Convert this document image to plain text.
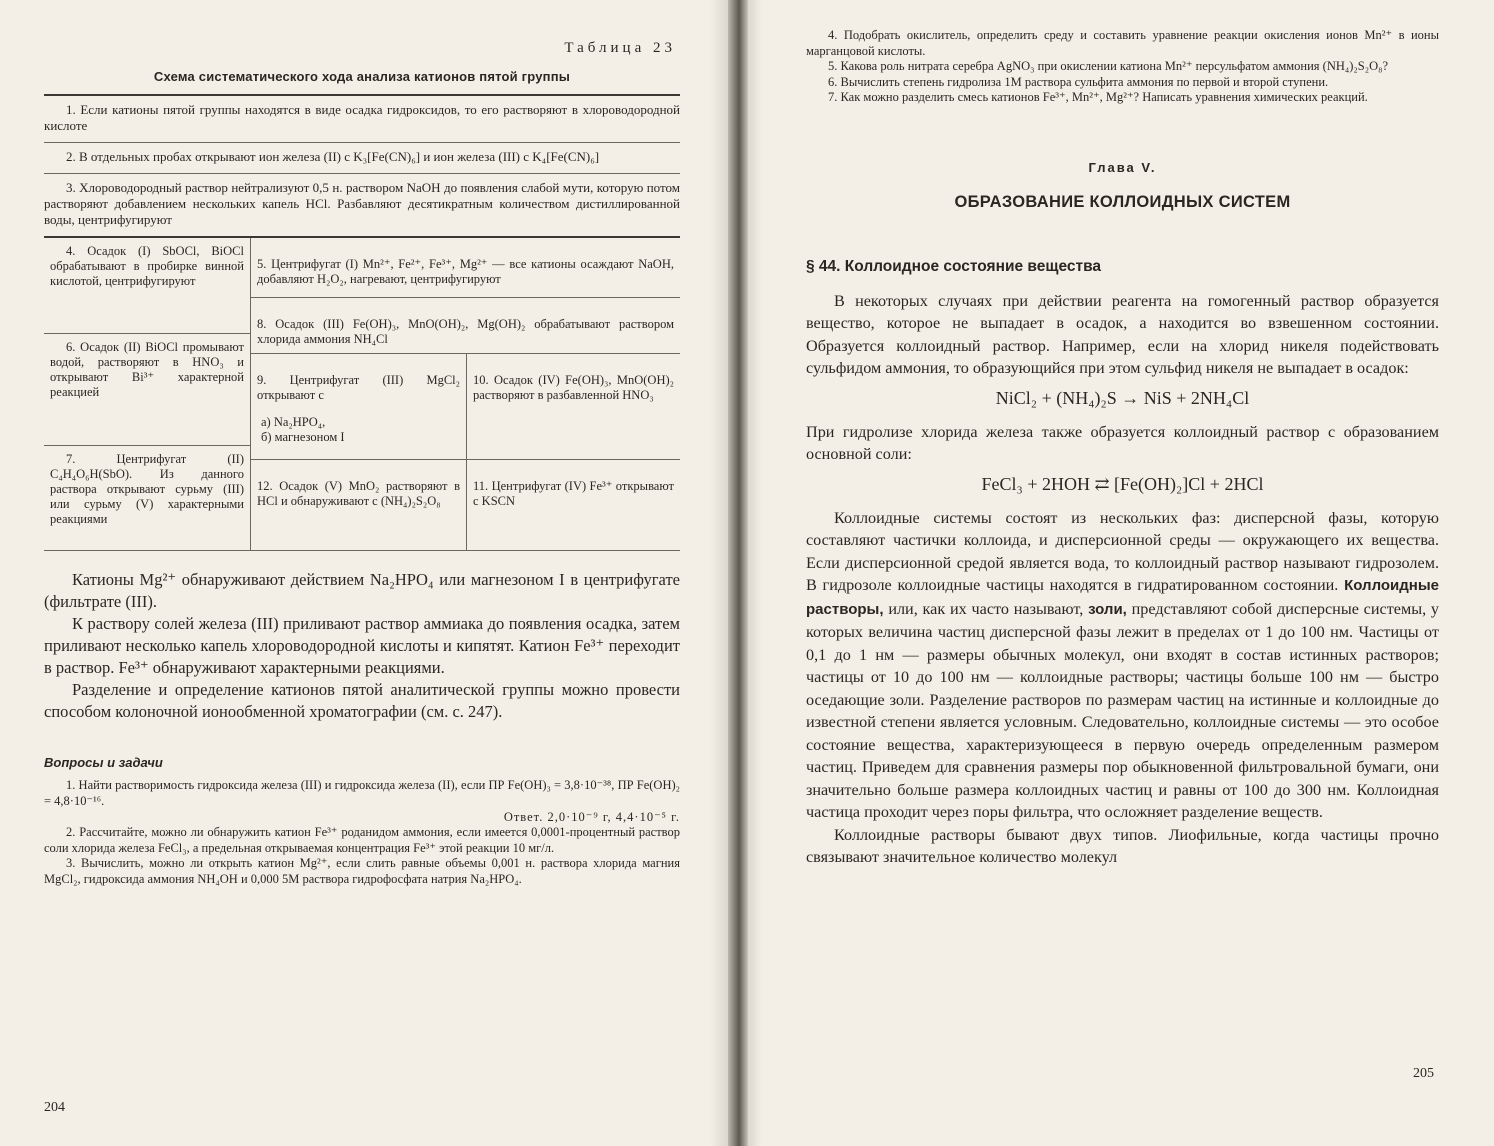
Таблица 23
Схема систематического хода анализа катионов пятой группы
1. Если катионы пятой группы находятся в виде осадка гидроксидов, то его растворяют в хлороводородной кислоте
2. В отдельных пробах открывают ион железа (II) с K₃[Fe(CN)₆] и ион железа (III) с K₄[Fe(CN)₆]
3. Хлороводородный раствор нейтрализуют 0,5 н. раствором NaOH до появления слабой мути, которую потом растворяют добавлением нескольких капель HCl. Разбавляют десятикратным количеством дистиллированной воды, центрифугируют

4. Осадок (I) SbOCl, BiOCl обрабатывают в пробирке винной кислотой, центрифугируют

6. Осадок (II) BiOCl промывают водой, растворяют в HNO₃ и открывают Bi³⁺ характерной реакцией

7. Центрифугат (II) C₄H₄O₆H(SbO). Из данного раствора открывают сурьму (III) или сурьму (V) характерными реакциями

5. Центрифугат (I) Mn²⁺, Fe²⁺, Fe³⁺, Mg²⁺ — все катионы осаждают NaOH, добавляют H₂O₂, нагревают, центрифугируют

8. Осадок (III) Fe(OH)₃, MnO(OH)₂, Mg(OH)₂ обрабатывают раствором хлорида аммония NH₄Cl

9. Центрифугат (III) MgCl₂ открывают с

а) Na₂HPO₄,
б) магнезоном I

10. Осадок (IV) Fe(OH)₃, MnO(OH)₂ растворяют в разбавленной HNO₃

12. Осадок (V) MnO₂ растворяют в HCl и обнаруживают с (NH₄)₂S₂O₈

11. Центрифугат (IV) Fe³⁺ открывают с KSCN

Катионы Mg²⁺ обнаруживают действием Na₂HPO₄ или магнезоном I в центрифугате (фильтрате (III).

К раствору солей железа (III) приливают раствор аммиака до появления осадка, затем приливают несколько капель хлороводородной кислоты и кипятят. Катион Fe³⁺ переходит в раствор. Fe³⁺ обнаруживают характерными реакциями.

Разделение и определение катионов пятой аналитической группы можно провести способом колоночной ионообменной хроматографии (см. с. 247).

Вопросы и задачи

1. Найти растворимость гидроксида железа (III) и гидроксида железа (II), если ПР Fe(OH)₃ = 3,8·10⁻³⁸, ПР Fe(OH)₂ = 4,8·10⁻¹⁶.

Ответ. 2,0·10⁻⁹ г, 4,4·10⁻⁵ г.

2. Рассчитайте, можно ли обнаружить катион Fe³⁺ роданидом аммония, если имеется 0,0001-процентный раствор соли хлорида железа FeCl₃, а предельная открываемая концентрация Fe³⁺ этой реакции 10 мг/л.

3. Вычислить, можно ли открыть катион Mg²⁺, если слить равные объемы 0,001 н. раствора хлорида магния MgCl₂, гидроксида аммония NH₄OH и 0,000 5M раствора гидрофосфата натрия Na₂HPO₄.

204

4. Подобрать окислитель, определить среду и составить уравнение реакции окисления ионов Mn²⁺ в ионы марганцовой кислоты.

5. Какова роль нитрата серебра AgNO₃ при окислении катиона Mn²⁺ персульфатом аммония (NH₄)₂S₂O₈?

6. Вычислить степень гидролиза 1M раствора сульфита аммония по первой и второй ступени.

7. Как можно разделить смесь катионов Fe³⁺, Mn²⁺, Mg²⁺? Написать уравнения химических реакций.

Глава V.
ОБРАЗОВАНИЕ КОЛЛОИДНЫХ СИСТЕМ
§ 44. Коллоидное состояние вещества

В некоторых случаях при действии реагента на гомогенный раствор образуется вещество, которое не выпадает в осадок, а находится во взвешенном состоянии. Образуется коллоидный раствор. Например, если на хлорид никеля подействовать сульфидом аммония, то образующийся при этом сульфид никеля не выпадает в осадок:

NiCl₂ + (NH₄)₂S → NiS + 2NH₄Cl

При гидролизе хлорида железа также образуется коллоидный раствор с образованием основной соли:

FeCl₃ + 2HOH ⇄ [Fe(OH)₂]Cl + 2HCl

Коллоидные системы состоят из нескольких фаз: дисперсной фазы, которую составляют частички коллоида, и дисперсионной среды — окружающего их вещества. Если дисперсионной средой является вода, то коллоидный раствор называют гидрозолем. В гидрозоле коллоидные частицы находятся в гидратированном состоянии. Коллоидные растворы, или, как их часто называют, золи, представляют собой дисперсные системы, у которых величина частиц дисперсной фазы лежит в пределах от 1 до 100 нм. Частицы от 0,1 до 1 нм — размеры обычных молекул, они входят в состав истинных растворов; частицы от 10 до 100 нм — коллоидные растворы; частицы больше 100 нм — быстро оседающие золи. Разделение растворов по размерам частиц на истинные и коллоидные до известной степени является условным. Следовательно, коллоидные системы — это особое состояние вещества, характеризующееся в первую очередь определенным размером частиц. Приведем для сравнения размеры пор обыкновенной фильтровальной бумаги, они значительно больше размера коллоидных частиц и равны от 100 до 300 нм. Коллоидная частица проходит через поры фильтра, что осложняет разделение веществ.

Коллоидные растворы бывают двух типов. Лиофильные, когда частицы прочно связывают значительное количество молекул

205
